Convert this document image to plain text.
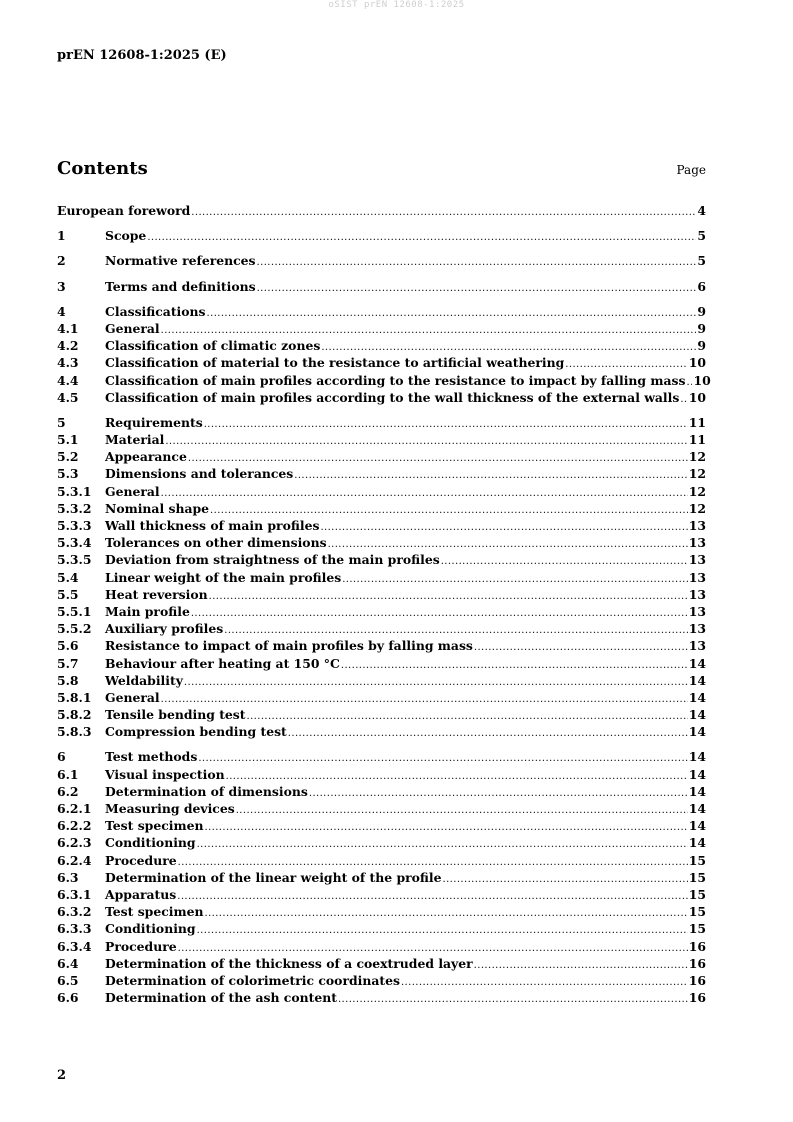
oSIST prEN 12608-1:2025
prEN 12608-1:2025 (E)
Contents	Page
European foreword .....	4
1	Scope .....	5
2	Normative references .....	5
3	Terms and definitions .....	6
4	Classifications .....	9
4.1	General .....	9
4.2	Classification of climatic zones .....	9
4.3	Classification of material to the resistance to artificial weathering .....	10
4.4	Classification of main profiles according to the resistance to impact by falling mass ..... 10
4.5	Classification of main profiles according to the wall thickness of the external walls ..... 10
5	Requirements .....	11
5.1	Material .....	11
5.2	Appearance .....	12
5.3	Dimensions and tolerances .....	12
5.3.1	General .....	12
5.3.2	Nominal shape .....	12
5.3.3	Wall thickness of main profiles .....	13
5.3.4	Tolerances on other dimensions .....	13
5.3.5	Deviation from straightness of the main profiles .....	13
5.4	Linear weight of the main profiles .....	13
5.5	Heat reversion .....	13
5.5.1	Main profile .....	13
5.5.2	Auxiliary profiles .....	13
5.6	Resistance to impact of main profiles by falling mass .....	13
5.7	Behaviour after heating at 150 °C .....	14
5.8	Weldability .....	14
5.8.1	General .....	14
5.8.2	Tensile bending test .....	14
5.8.3	Compression bending test .....	14
6	Test methods .....	14
6.1	Visual inspection .....	14
6.2	Determination of dimensions .....	14
6.2.1	Measuring devices .....	14
6.2.2	Test specimen .....	14
6.2.3	Conditioning .....	14
6.2.4	Procedure .....	15
6.3	Determination of the linear weight of the profile .....	15
6.3.1	Apparatus .....	15
6.3.2	Test specimen .....	15
6.3.3	Conditioning .....	15
6.3.4	Procedure .....	16
6.4	Determination of the thickness of a coextruded layer .....	16
6.5	Determination of colorimetric coordinates .....	16
6.6	Determination of the ash content .....	16
2
